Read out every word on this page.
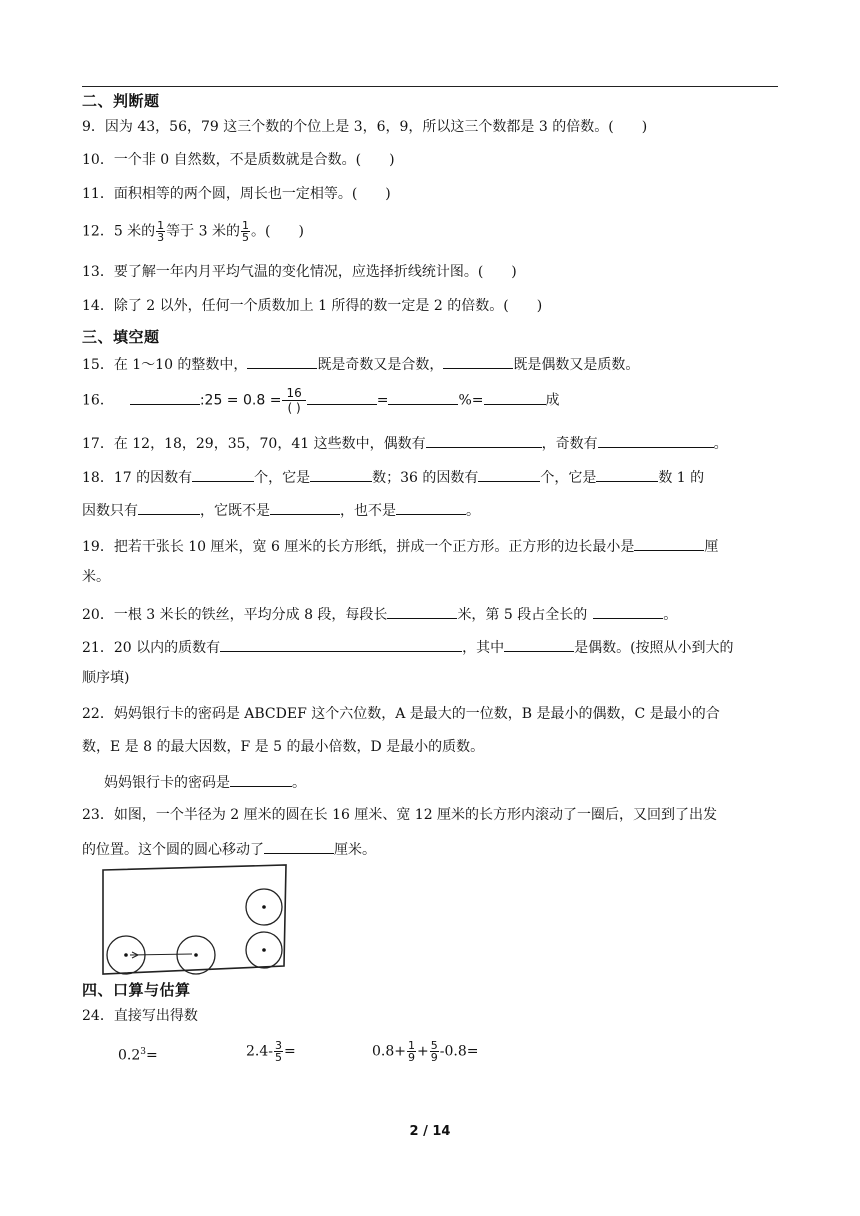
二、判断题
9．因为 43，56，79 这三个数的个位上是 3，6，9，所以这三个数都是 3 的倍数。(　　)
10．一个非 0 自然数，不是质数就是合数。(　　)
11．面积相等的两个圆，周长也一定相等。(　　)
12．5 米的 $\frac{1}{3}$ 等于 3 米的 $\frac{1}{5}$ 。(　　)
13．要了解一年内月平均气温的变化情况，应选择折线统计图。(　　)
14．除了 2 以外，任何一个质数加上 1 所得的数一定是 2 的倍数。(　　)
三、填空题
15．在 1～10 的整数中，	既是奇数又是合数，	既是偶数又是质数。
16．	:25 = $0.8 = \frac{16}{( )}$	=	%=	成
17．在 12，18，29，35，70，41 这些数中，偶数有	，奇数有	。
18．17 的因数有	个，它是	数；36 的因数有	个，它是	数 1 的
因数只有	，它既不是	，也不是	。
19．把若干张长 10 厘米，宽 6 厘米的长方形纸，拼成一个正方形。正方形的边长最小是	厘
米。
20．一根 3 米长的铁丝，平均分成 8 段，每段长	米，第 5 段占全长的	。
21．20 以内的质数有	，其中	是偶数。(按照从小到大的
顺序填)
22．妈妈银行卡的密码是 ABCDEF 这个六位数，A 是最大的一位数，B 是最小的偶数，C 是最小的合
数，E 是 8 的最大因数，F 是 5 的最小倍数，D 是最小的质数。
妈妈银行卡的密码是	。
23．如图，一个半径为 2 厘米的圆在长 16 厘米、宽 12 厘米的长方形内滚动了一圈后，又回到了出发
的位置。这个圆的圆心移动了	厘米。
四、口算与估算
24．直接写出得数
$0.2^3=$	$2.4- \frac{3}{5}$ =	$0.8+ \frac{1}{9} + \frac{5}{9} -0.8=$
2 / 14
